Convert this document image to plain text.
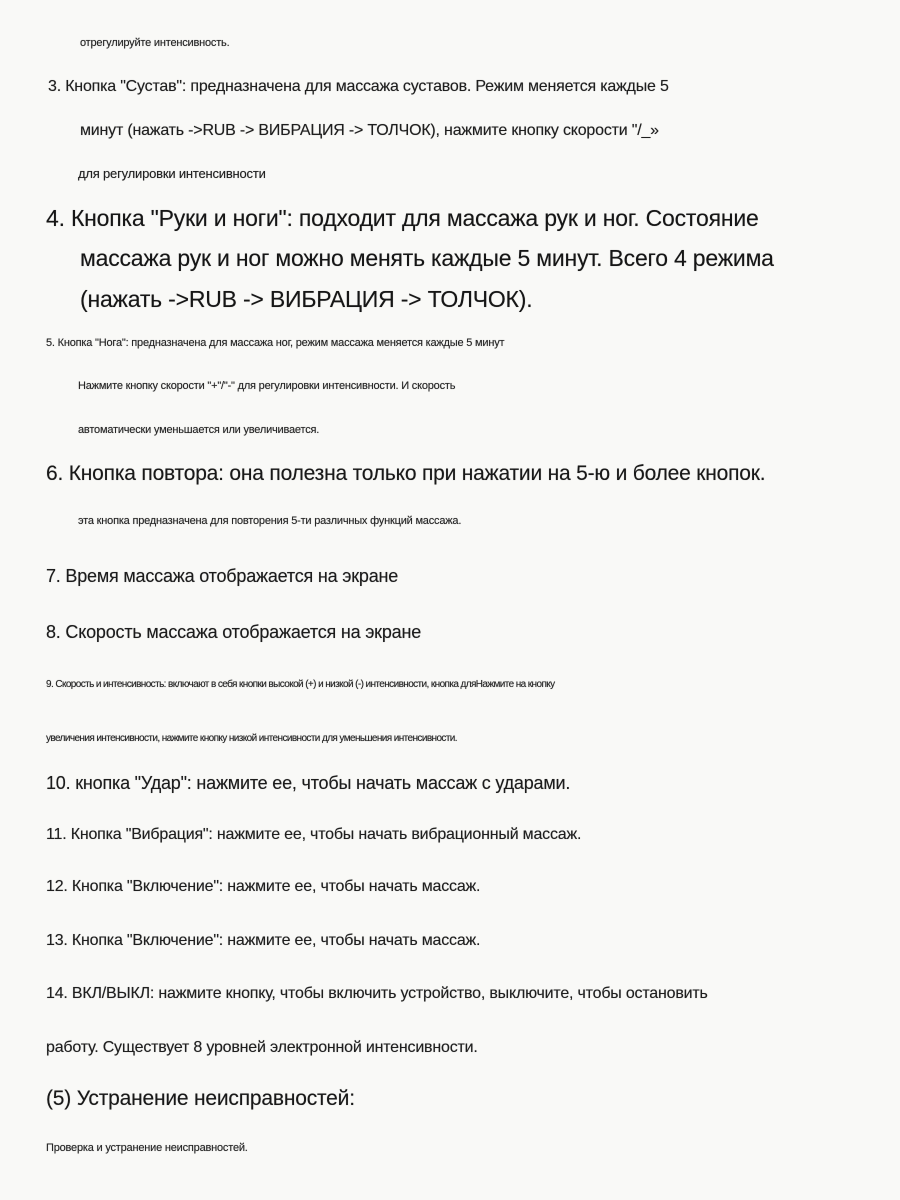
отрегулируйте интенсивность.
3. Кнопка "Сустав": предназначена для массажа суставов. Режим меняется каждые 5
минут (нажать ->RUB -> ВИБРАЦИЯ -> ТОЛЧОК), нажмите кнопку скорости "/_»
для регулировки интенсивности
4. Кнопка "Руки и ноги": подходит для массажа рук и ног. Состояние
массажа рук и ног можно менять каждые 5 минут. Всего 4 режима
(нажать ->RUB -> ВИБРАЦИЯ -> ТОЛЧОК).
5. Кнопка "Нога": предназначена для массажа ног, режим массажа меняется каждые 5 минут
Нажмите кнопку скорости "+"/"-" для регулировки интенсивности. И скорость
автоматически уменьшается или увеличивается.
6. Кнопка повтора: она полезна только при нажатии на 5-ю и более кнопок.
эта кнопка предназначена для повторения 5-ти различных функций массажа.
7. Время массажа отображается на экране
8. Скорость массажа отображается на экране
9. Скорость и интенсивность: включают в себя кнопки высокой (+) и низкой (-) интенсивности, кнопка дляНажмите на кнопку
увеличения интенсивности, нажмите кнопку низкой интенсивности для уменьшения интенсивности.
10. кнопка "Удар": нажмите ее, чтобы начать массаж с ударами.
11. Кнопка "Вибрация": нажмите ее, чтобы начать вибрационный массаж.
12. Кнопка "Включение": нажмите ее, чтобы начать массаж.
13. Кнопка "Включение": нажмите ее, чтобы начать массаж.
14. ВКЛ/ВЫКЛ: нажмите кнопку, чтобы включить устройство, выключите, чтобы остановить
работу. Существует 8 уровней электронной интенсивности.
(5) Устранение неисправностей:
Проверка и устранение неисправностей.
